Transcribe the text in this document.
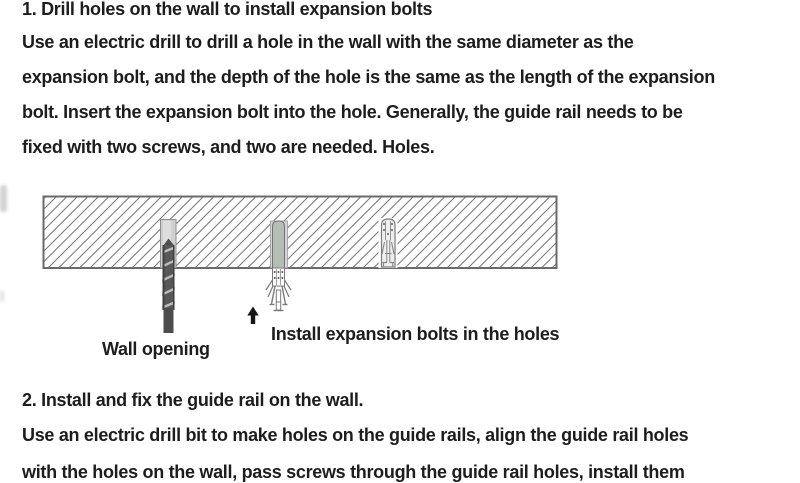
1. Drill holes on the wall to install expansion bolts
Use an electric drill to drill a hole in the wall with the same diameter as the
expansion bolt, and the depth of the hole is the same as the length of the expansion
bolt. Insert the expansion bolt into the hole. Generally, the guide rail needs to be
fixed with two screws, and two are needed. Holes.
Install expansion bolts in the holes
Wall opening
2. Install and fix the guide rail on the wall.
Use an electric drill bit to make holes on the guide rails, align the guide rail holes
with the holes on the wall, pass screws through the guide rail holes, install them
